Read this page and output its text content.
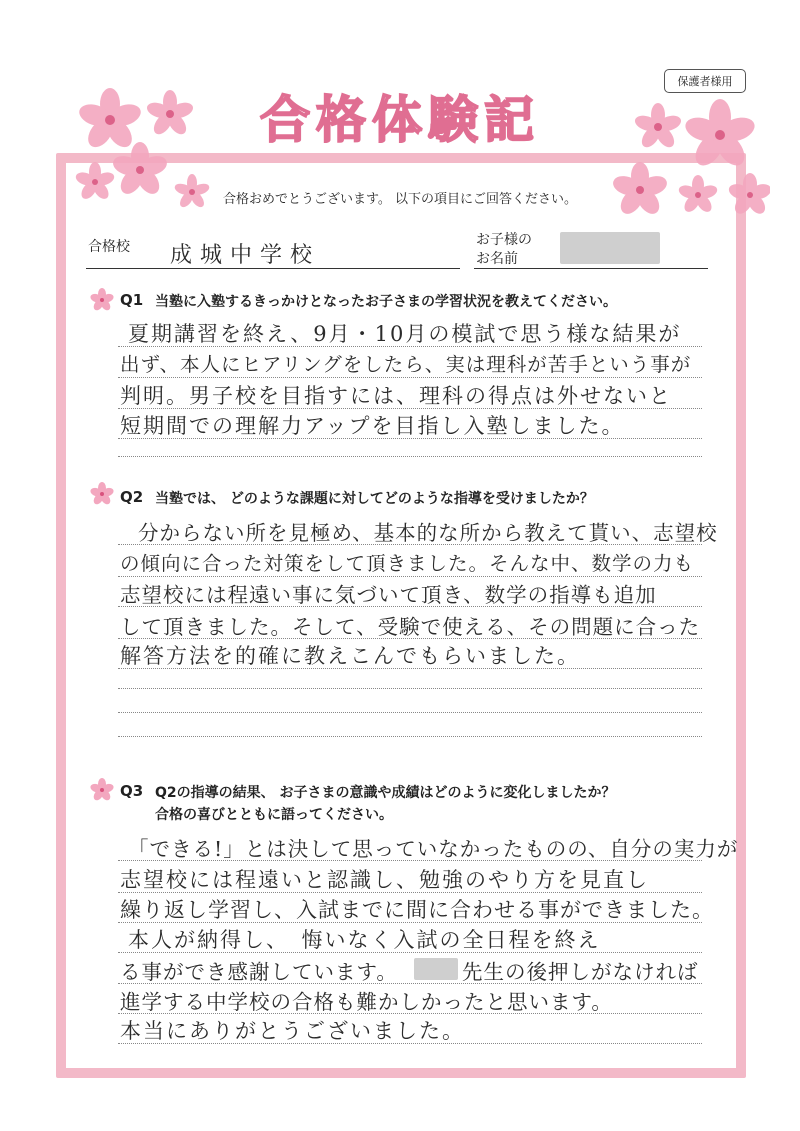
保護者様用
合格体験記
合格おめでとうございます。 以下の項目にご回答ください。
合格校 成城中学校
お子様の
お名前
Q1 当塾に入塾するきっかけとなったお子さまの学習状況を教えてください。
夏期講習を終え、9月・10月の模試で思う様な結果が
出ず、本人にヒアリングをしたら、実は理科が苦手という事が
判明。男子校を目指すには、理科の得点は外せないと
短期間での理解力アップを目指し入塾しました。
Q2 当塾では、 どのような課題に対してどのような指導を受けましたか？
分からない所を見極め、基本的な所から教えて貰い、志望校
の傾向に合った対策をして頂きました。そんな中、数学の力も
志望校には程遠い事に気づいて頂き、数学の指導も追加
して頂きました。そして、受験で使える、その問題に合った
解答方法を的確に教えこんでもらいました。
Q3 Q2の指導の結果、 お子さまの意識や成績はどのように変化しましたか？
合格の喜びとともに語ってください。
「できる!」とは決して思っていなかったものの、自分の実力が
志望校には程遠いと認識し、勉強のやり方を見直し
繰り返し学習し、入試までに間に合わせる事ができました。
本人が納得し、　悔いなく入試の全日程を終え
る事ができ感謝しています。	先生の後押しがなければ
進学する中学校の合格も難かしかったと思います。
本当にありがとうございました。
